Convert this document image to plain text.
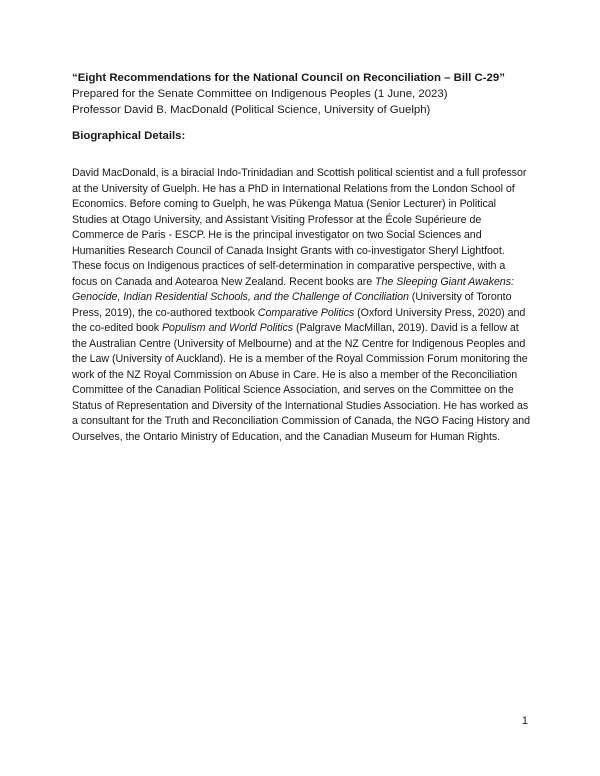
“Eight Recommendations for the National Council on Reconciliation – Bill C-29”
Prepared for the Senate Committee on Indigenous Peoples (1 June, 2023)
Professor David B. MacDonald (Political Science, University of Guelph)
Biographical Details:

David MacDonald, is a biracial Indo-Trinidadian and Scottish political scientist and a full professor at the University of Guelph. He has a PhD in International Relations from the London School of Economics. Before coming to Guelph, he was Pūkenga Matua (Senior Lecturer) in Political Studies at Otago University, and Assistant Visiting Professor at the École Supérieure de Commerce de Paris - ESCP. He is the principal investigator on two Social Sciences and Humanities Research Council of Canada Insight Grants with co-investigator Sheryl Lightfoot. These focus on Indigenous practices of self-determination in comparative perspective, with a focus on Canada and Aotearoa New Zealand. Recent books are The Sleeping Giant Awakens: Genocide, Indian Residential Schools, and the Challenge of Conciliation (University of Toronto Press, 2019), the co-authored textbook Comparative Politics (Oxford University Press, 2020) and the co-edited book Populism and World Politics (Palgrave MacMillan, 2019). David is a fellow at the Australian Centre (University of Melbourne) and at the NZ Centre for Indigenous Peoples and the Law (University of Auckland). He is a member of the Royal Commission Forum monitoring the work of the NZ Royal Commission on Abuse in Care. He is also a member of the Reconciliation Committee of the Canadian Political Science Association, and serves on the Committee on the Status of Representation and Diversity of the International Studies Association. He has worked as a consultant for the Truth and Reconciliation Commission of Canada, the NGO Facing History and Ourselves, the Ontario Ministry of Education, and the Canadian Museum for Human Rights.

1
